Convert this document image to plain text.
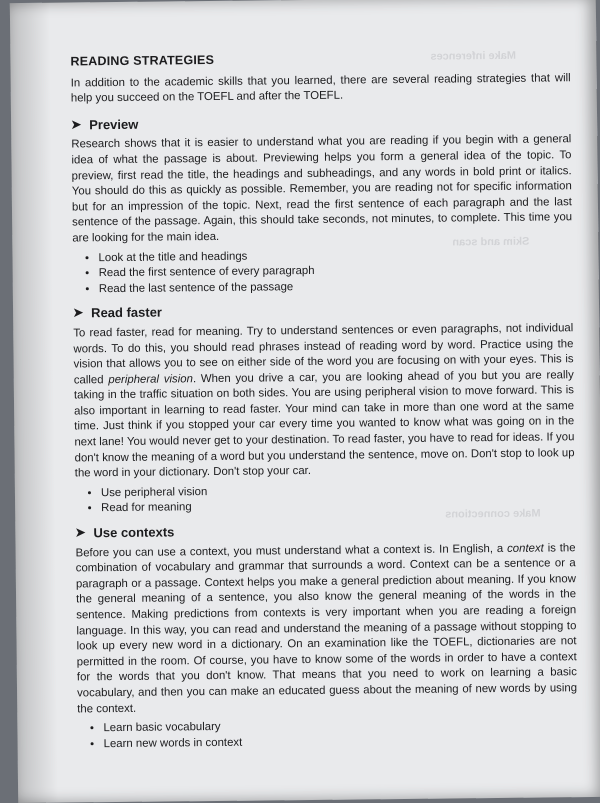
Make inferences
Skim and scan
Make connections
READING STRATEGIES

In addition to the academic skills that you learned, there are several reading strategies that will help you succeed on the TOEFL and after the TOEFL.

➤ Preview

Research shows that it is easier to understand what you are reading if you begin with a general idea of what the passage is about. Previewing helps you form a general idea of the topic. To preview, first read the title, the headings and subheadings, and any words in bold print or italics. You should do this as quickly as possible. Remember, you are reading not for specific information but for an impression of the topic. Next, read the first sentence of each paragraph and the last sentence of the passage. Again, this should take seconds, not minutes, to complete. This time you are looking for the main idea.

• Look at the title and headings
• Read the first sentence of every paragraph
• Read the last sentence of the passage
➤ Read faster

To read faster, read for meaning. Try to understand sentences or even paragraphs, not individual words. To do this, you should read phrases instead of reading word by word. Practice using the vision that allows you to see on either side of the word you are focusing on with your eyes. This is called peripheral vision. When you drive a car, you are looking ahead of you but you are really taking in the traffic situation on both sides. You are using peripheral vision to move forward. This is also important in learning to read faster. Your mind can take in more than one word at the same time. Just think if you stopped your car every time you wanted to know what was going on in the next lane! You would never get to your destination. To read faster, you have to read for ideas. If you don't know the meaning of a word but you understand the sentence, move on. Don't stop to look up the word in your dictionary. Don't stop your car.

• Use peripheral vision
• Read for meaning
➤ Use contexts

Before you can use a context, you must understand what a context is. In English, a context is the combination of vocabulary and grammar that surrounds a word. Context can be a sentence or a paragraph or a passage. Context helps you make a general prediction about meaning. If you know the general meaning of a sentence, you also know the general meaning of the words in the sentence. Making predictions from contexts is very important when you are reading a foreign language. In this way, you can read and understand the meaning of a passage without stopping to look up every new word in a dictionary. On an examination like the TOEFL, dictionaries are not permitted in the room. Of course, you have to know some of the words in order to have a context for the words that you don't know. That means that you need to work on learning a basic vocabulary, and then you can make an educated guess about the meaning of new words by using the context.

• Learn basic vocabulary
• Learn new words in context
